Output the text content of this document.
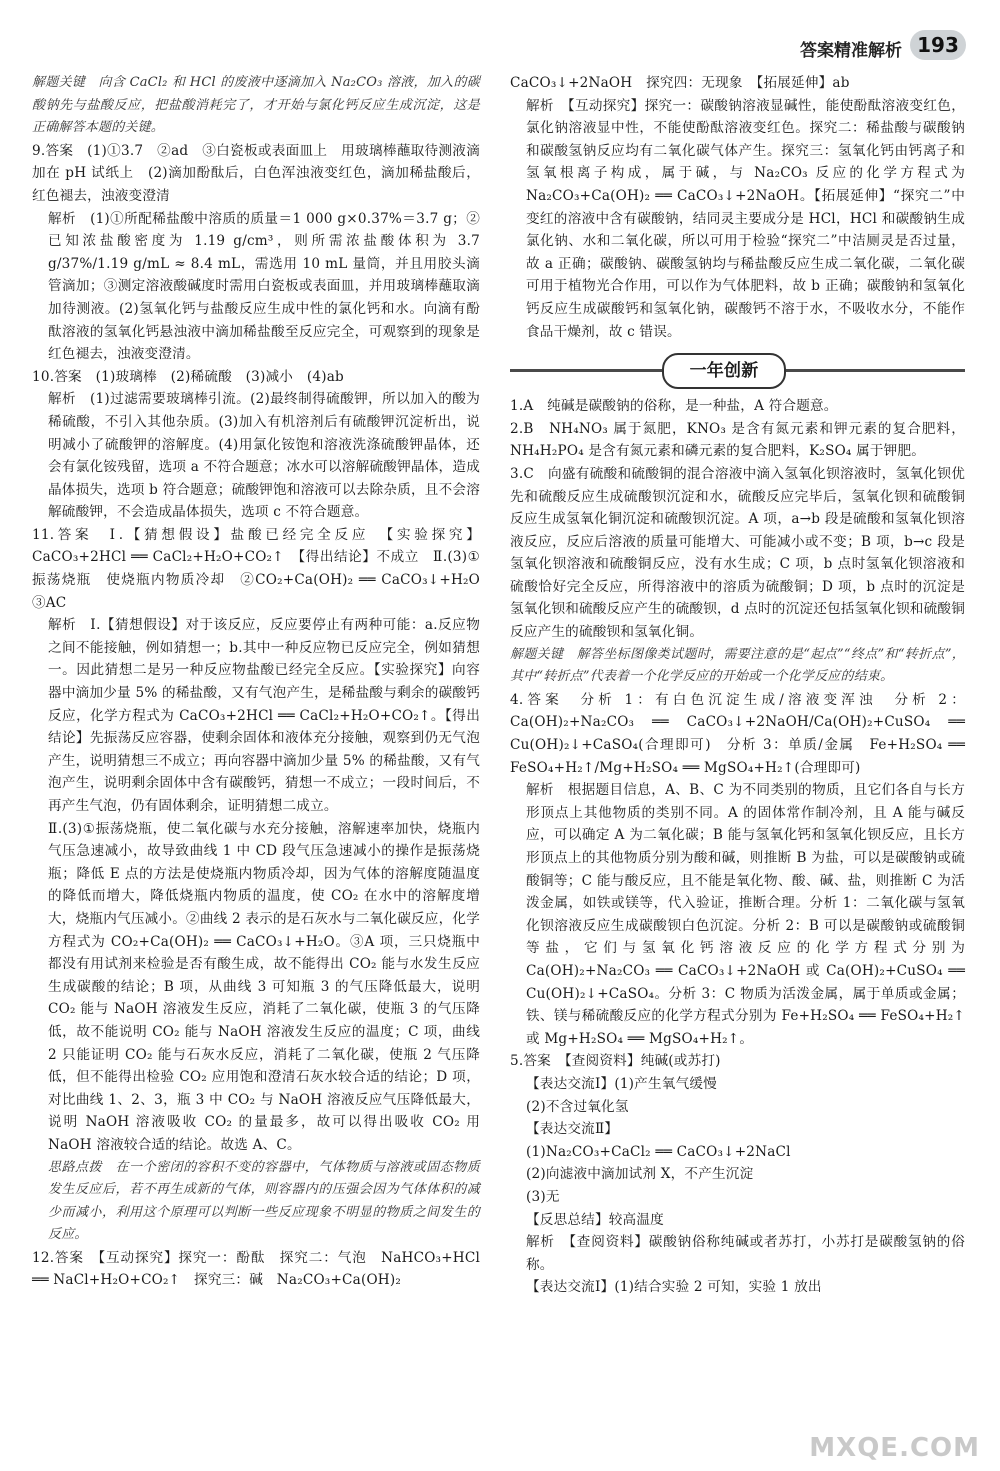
答案精准解析 193

解题关键　向含 CaCl₂ 和 HCl 的废液中逐滴加入 Na₂CO₃ 溶液，加入的碳酸钠先与盐酸反应，把盐酸消耗完了，才开始与氯化钙反应生成沉淀，这是正确解答本题的关键。

9.答案　(1)①3.7　②ad　③白瓷板或表面皿上　用玻璃棒蘸取待测液滴加在 pH 试纸上　(2)滴加酚酞后，白色浑浊液变红色，滴加稀盐酸后，红色褪去，浊液变澄清

解析　(1)①所配稀盐酸中溶质的质量＝1 000 g×0.37%＝3.7 g；②已知浓盐酸密度为 1.19 g/cm³，则所需浓盐酸体积为 3.7 g/37%/1.19 g/mL ≈ 8.4 mL，需选用 10 mL 量筒，并且用胶头滴管滴加；③测定溶液酸碱度时需用白瓷板或表面皿，并用玻璃棒蘸取滴加待测液。(2)氢氧化钙与盐酸反应生成中性的氯化钙和水。向滴有酚酞溶液的氢氧化钙悬浊液中滴加稀盐酸至反应完全，可观察到的现象是红色褪去，浊液变澄清。

10.答案　(1)玻璃棒　(2)稀硫酸　(3)减小　(4)ab

解析　(1)过滤需要玻璃棒引流。(2)最终制得硫酸钾，所以加入的酸为稀硫酸，不引入其他杂质。(3)加入有机溶剂后有硫酸钾沉淀析出，说明减小了硫酸钾的溶解度。(4)用氯化铵饱和溶液洗涤硫酸钾晶体，还会有氯化铵残留，选项 a 不符合题意；冰水可以溶解硫酸钾晶体，造成晶体损失，选项 b 符合题意；硫酸钾饱和溶液可以去除杂质，且不会溶解硫酸钾，不会造成晶体损失，选项 c 不符合题意。

11.答案　Ⅰ.【猜想假设】盐酸已经完全反应　【实验探究】CaCO₃+2HCl ══ CaCl₂+H₂O+CO₂↑　【得出结论】不成立　Ⅱ.(3)①振荡烧瓶　使烧瓶内物质冷却　②CO₂+Ca(OH)₂ ══ CaCO₃↓+H₂O　③AC

解析　Ⅰ.【猜想假设】对于该反应，反应要停止有两种可能：a.反应物之间不能接触，例如猜想一；b.其中一种反应物已反应完全，例如猜想一。因此猜想二是另一种反应物盐酸已经完全反应。【实验探究】向容器中滴加少量 5% 的稀盐酸，又有气泡产生，是稀盐酸与剩余的碳酸钙反应，化学方程式为 CaCO₃+2HCl ══ CaCl₂+H₂O+CO₂↑。【得出结论】先振荡反应容器，使剩余固体和液体充分接触，观察到仍无气泡产生，说明猜想三不成立；再向容器中滴加少量 5% 的稀盐酸，又有气泡产生，说明剩余固体中含有碳酸钙，猜想一不成立；一段时间后，不再产生气泡，仍有固体剩余，证明猜想二成立。

Ⅱ.(3)①振荡烧瓶，使二氧化碳与水充分接触，溶解速率加快，烧瓶内气压急速减小，故导致曲线 1 中 CD 段气压急速减小的操作是振荡烧瓶；降低 E 点的方法是使烧瓶内物质冷却，因为气体的溶解度随温度的降低而增大，降低烧瓶内物质的温度，使 CO₂ 在水中的溶解度增大，烧瓶内气压减小。②曲线 2 表示的是石灰水与二氧化碳反应，化学方程式为 CO₂+Ca(OH)₂ ══ CaCO₃↓+H₂O。③A 项，三只烧瓶中都没有用试剂来检验是否有酸生成，故不能得出 CO₂ 能与水发生反应生成碳酸的结论；B 项，从曲线 3 可知瓶 3 的气压降低最大，说明 CO₂ 能与 NaOH 溶液发生反应，消耗了二氧化碳，使瓶 3 的气压降低，故不能说明 CO₂ 能与 NaOH 溶液发生反应的温度；C 项，曲线 2 只能证明 CO₂ 能与石灰水反应，消耗了二氧化碳，使瓶 2 气压降低，但不能得出检验 CO₂ 应用饱和澄清石灰水较合适的结论；D 项，对比曲线 1、2、3，瓶 3 中 CO₂ 与 NaOH 溶液反应气压降低最大，说明 NaOH 溶液吸收 CO₂ 的量最多，故可以得出吸收 CO₂ 用 NaOH 溶液较合适的结论。故选 A、C。

思路点拨　在一个密闭的容积不变的容器中，气体物质与溶液或固态物质发生反应后，若不再生成新的气体，则容器内的压强会因为气体体积的减少而减小，利用这个原理可以判断一些反应现象不明显的物质之间发生的反应。

12.答案　【互动探究】探究一：酚酞　探究二：气泡　NaHCO₃+HCl ══ NaCl+H₂O+CO₂↑　探究三：碱　Na₂CO₃+Ca(OH)₂

CaCO₃↓+2NaOH　探究四：无现象　【拓展延伸】ab

解析　【互动探究】探究一：碳酸钠溶液显碱性，能使酚酞溶液变红色，氯化钠溶液显中性，不能使酚酞溶液变红色。探究二：稀盐酸与碳酸钠和碳酸氢钠反应均有二氧化碳气体产生。探究三：氢氧化钙由钙离子和氢氧根离子构成，属于碱，与 Na₂CO₃ 反应的化学方程式为 Na₂CO₃+Ca(OH)₂ ══ CaCO₃↓+2NaOH。【拓展延伸】“探究二”中变红的溶液中含有碳酸钠，结同灵主要成分是 HCl，HCl 和碳酸钠生成氯化钠、水和二氧化碳，所以可用于检验“探究二”中洁厕灵是否过量，故 a 正确；碳酸钠、碳酸氢钠均与稀盐酸反应生成二氧化碳，二氧化碳可用于植物光合作用，可以作为气体肥料，故 b 正确；碳酸钠和氢氧化钙反应生成碳酸钙和氢氧化钠，碳酸钙不溶于水，不吸收水分，不能作食品干燥剂，故 c 错误。

一年创新

1.A　纯碱是碳酸钠的俗称，是一种盐，A 符合题意。

2.B　NH₄NO₃ 属于氮肥，KNO₃ 是含有氮元素和钾元素的复合肥料，NH₄H₂PO₄ 是含有氮元素和磷元素的复合肥料，K₂SO₄ 属于钾肥。

3.C　向盛有硫酸和硫酸铜的混合溶液中滴入氢氧化钡溶液时，氢氧化钡优先和硫酸反应生成硫酸钡沉淀和水，硫酸反应完毕后，氢氧化钡和硫酸铜反应生成氢氧化铜沉淀和硫酸钡沉淀。A 项，a→b 段是硫酸和氢氧化钡溶液反应，反应后溶液的质量可能增大、可能减小或不变；B 项，b→c 段是氢氧化钡溶液和硫酸铜反应，没有水生成；C 项，b 点时氢氧化钡溶液和硫酸恰好完全反应，所得溶液中的溶质为硫酸铜；D 项，b 点时的沉淀是氢氧化钡和硫酸反应产生的硫酸钡，d 点时的沉淀还包括氢氧化钡和硫酸铜反应产生的硫酸钡和氢氧化铜。

解题关键　解答坐标图像类试题时，需要注意的是“起点”“终点”和“转折点”，其中“转折点”代表着一个化学反应的开始或一个化学反应的结束。

4.答案　分析 1：有白色沉淀生成/溶液变浑浊　分析 2：Ca(OH)₂+Na₂CO₃ ══ CaCO₃↓+2NaOH/Ca(OH)₂+CuSO₄ ══ Cu(OH)₂↓+CaSO₄(合理即可)　分析 3：单质/金属　Fe+H₂SO₄ ══ FeSO₄+H₂↑/Mg+H₂SO₄ ══ MgSO₄+H₂↑(合理即可)

解析　根据题目信息，A、B、C 为不同类别的物质，且它们各自与长方形顶点上其他物质的类别不同。A 的固体常作制冷剂，且 A 能与碱反应，可以确定 A 为二氧化碳；B 能与氢氧化钙和氢氧化钡反应，且长方形顶点上的其他物质分别为酸和碱，则推断 B 为盐，可以是碳酸钠或硫酸铜等；C 能与酸反应，且不能是氧化物、酸、碱、盐，则推断 C 为活泼金属，如铁或镁等，代入验证，推断合理。分析 1：二氧化碳与氢氧化钡溶液反应生成碳酸钡白色沉淀。分析 2：B 可以是碳酸钠或硫酸铜等盐，它们与氢氧化钙溶液反应的化学方程式分别为 Ca(OH)₂+Na₂CO₃ ══ CaCO₃↓+2NaOH 或 Ca(OH)₂+CuSO₄ ══ Cu(OH)₂↓+CaSO₄。分析 3：C 物质为活泼金属，属于单质或金属；铁、镁与稀硫酸反应的化学方程式分别为 Fe+H₂SO₄ ══ FeSO₄+H₂↑或 Mg+H₂SO₄ ══ MgSO₄+H₂↑。

5.答案　【查阅资料】纯碱(或苏打)

【表达交流Ⅰ】(1)产生氧气缓慢

(2)不含过氧化氢

【表达交流Ⅱ】

(1)Na₂CO₃+CaCl₂ ══ CaCO₃↓+2NaCl

(2)向滤液中滴加试剂 X，不产生沉淀

(3)无

【反思总结】较高温度

解析　【查阅资料】碳酸钠俗称纯碱或者苏打，小苏打是碳酸氢钠的俗称。

【表达交流Ⅰ】(1)结合实验 2 可知，实验 1 放出

MXQE.COM
